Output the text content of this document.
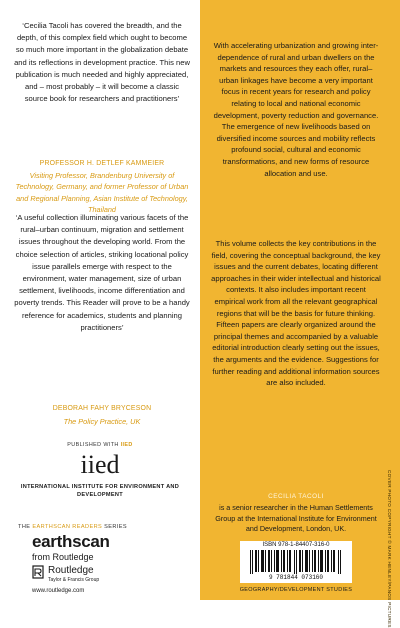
‘Cecilia Tacoli has covered the breadth, and the depth, of this complex field which ought to become so much more important in the globalization debate and its reflections in development practice. This new publication is much needed and highly appreciated, and – most probably – it will become a classic source book for researchers and practitioners’
PROFESSOR H. DETLEF KAMMEIER
Visiting Professor, Brandenburg University of Technology, Germany, and former Professor of Urban and Regional Planning, Asian Institute of Technology, Thailand
‘A useful collection illuminating various facets of the rural–urban continuum, migration and settlement issues throughout the developing world. From the choice selection of articles, striking locational policy issue parallels emerge with respect to the environment, water management, size of urban settlement, livelihoods, income differentiation and poverty trends. This Reader will prove to be a handy reference for academics, students and planning practitioners’
DEBORAH FAHY BRYCESON
The Policy Practice, UK
PUBLISHED WITH IIED
iied
INTERNATIONAL INSTITUTE FOR ENVIRONMENT AND DEVELOPMENT
THE EARTHSCAN READERS SERIES
earthscan
from Routledge
Routledge
Taylor & Francis Group
www.routledge.com
With accelerating urbanization and growing inter-dependence of rural and urban dwellers on the markets and resources they each offer, rural–urban linkages have become a very important focus in recent years for research and policy relating to local and national economic development, poverty reduction and governance. The emergence of new livelihoods based on diversified income sources and mobility reflects profound social, cultural and economic transformations, and new forms of resource allocation and use.
This volume collects the key contributions in the field, covering the conceptual background, the key issues and the current debates, locating different approaches in their wider intellectual and historical contexts. It also includes important recent empirical work from all the relevant geographical regions that will be the basis for future thinking. Fifteen papers are clearly organized around the principal themes and accompanied by a valuable editorial introduction clearly setting out the issues, the arguments and the evidence. Suggestions for further reading and additional information sources are also included.
CECILIA TACOLI
is a senior researcher in the Human Settlements Group at the International Institute for Environment and Development, London, UK.	COVER PHOTO COPYRIGHT © MARK HENLEY/PANOS PICTURES
ISBN 978-1-84407-316-0
9 781844 073160
GEOGRAPHY/DEVELOPMENT STUDIES
